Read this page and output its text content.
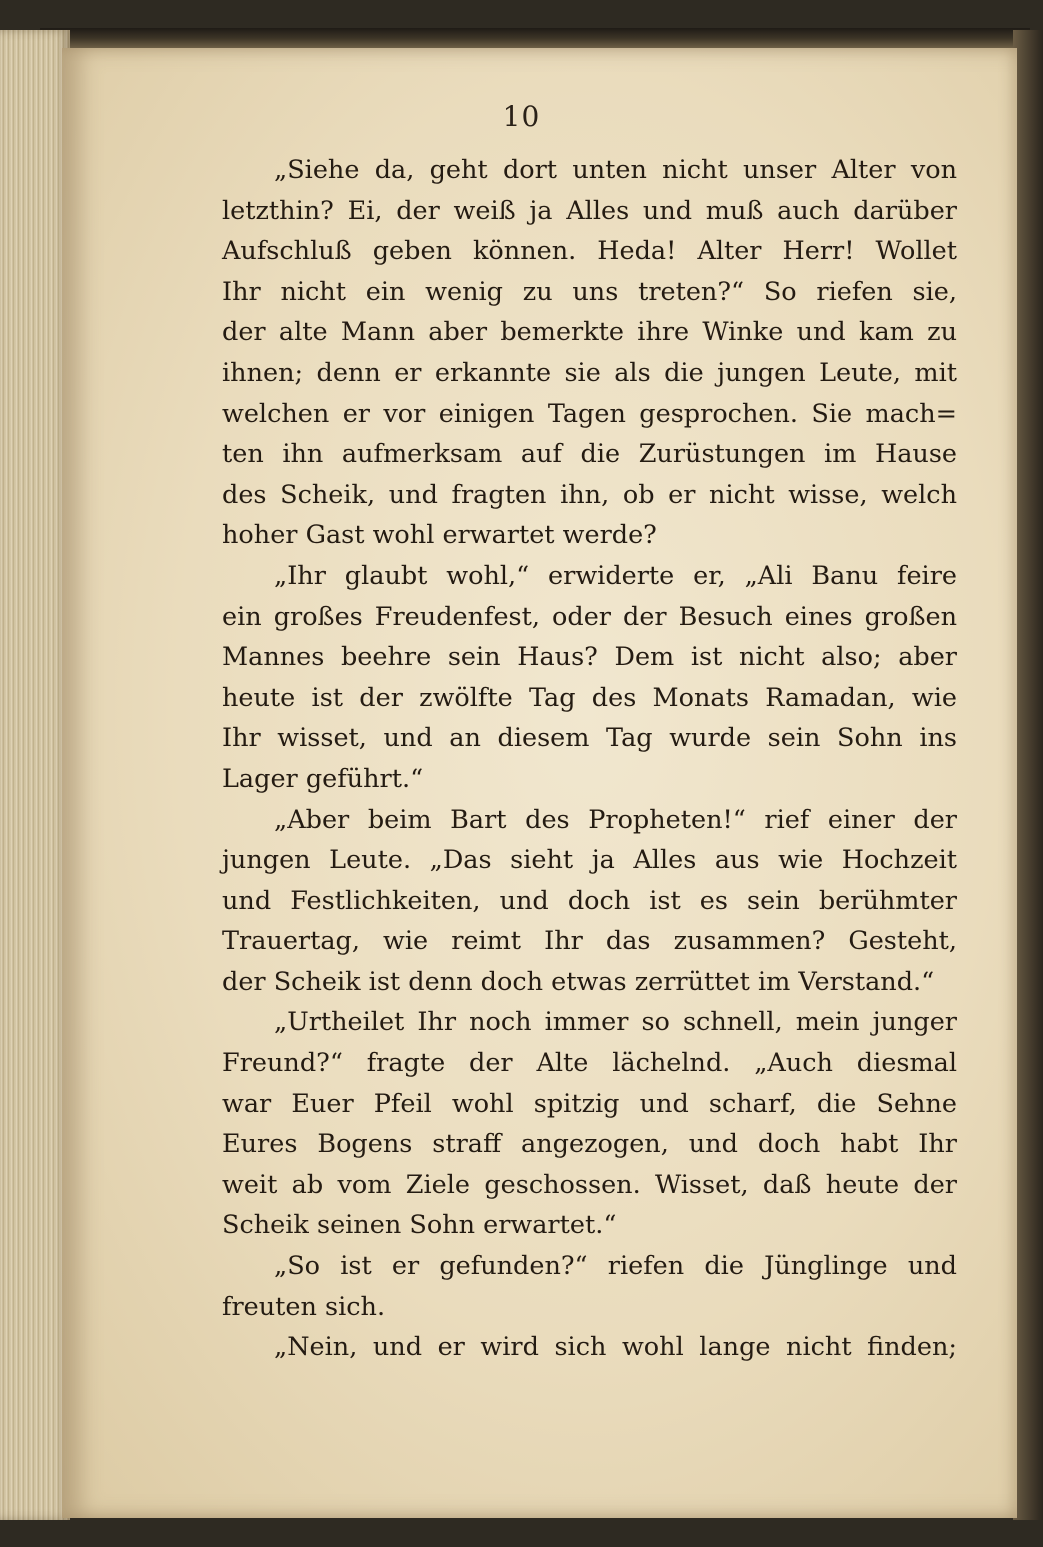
10
„Siehe da, geht dort unten nicht unser Alter von
letzthin? Ei, der weiß ja Alles und muß auch darüber
Aufschluß geben können. Heda! Alter Herr! Wollet
Ihr nicht ein wenig zu uns treten?“ So riefen sie,
der alte Mann aber bemerkte ihre Winke und kam zu
ihnen; denn er erkannte sie als die jungen Leute, mit
welchen er vor einigen Tagen gesprochen. Sie mach=
ten ihn aufmerksam auf die Zurüstungen im Hause
des Scheik, und fragten ihn, ob er nicht wisse, welch
hoher Gast wohl erwartet werde?
„Ihr glaubt wohl,“ erwiderte er, „Ali Banu feire
ein großes Freudenfest, oder der Besuch eines großen
Mannes beehre sein Haus? Dem ist nicht also; aber
heute ist der zwölfte Tag des Monats Ramadan, wie
Ihr wisset, und an diesem Tag wurde sein Sohn ins
Lager geführt.“
„Aber beim Bart des Propheten!“ rief einer der
jungen Leute. „Das sieht ja Alles aus wie Hochzeit
und Festlichkeiten, und doch ist es sein berühmter
Trauertag, wie reimt Ihr das zusammen? Gesteht,
der Scheik ist denn doch etwas zerrüttet im Verstand.“
„Urtheilet Ihr noch immer so schnell, mein junger
Freund?“ fragte der Alte lächelnd. „Auch diesmal
war Euer Pfeil wohl spitzig und scharf, die Sehne
Eures Bogens straff angezogen, und doch habt Ihr
weit ab vom Ziele geschossen. Wisset, daß heute der
Scheik seinen Sohn erwartet.“
„So ist er gefunden?“ riefen die Jünglinge und
freuten sich.
„Nein, und er wird sich wohl lange nicht finden;
